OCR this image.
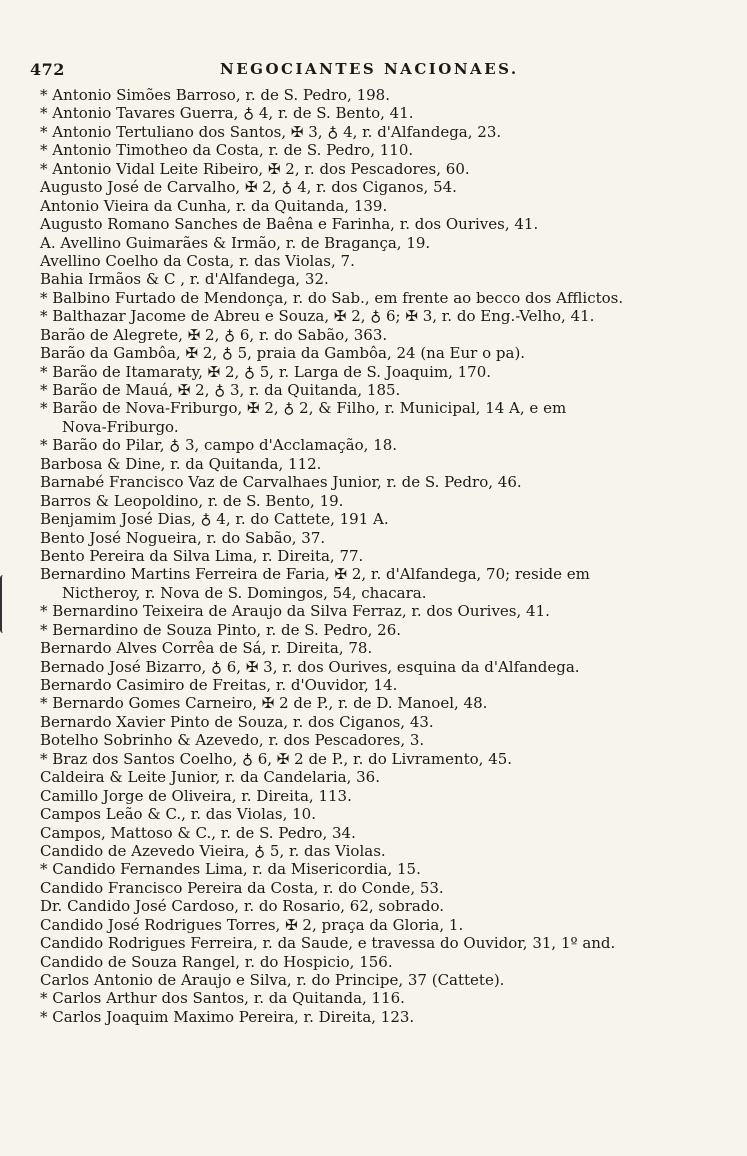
472	NEGOCIANTES NACIONAES.
* Antonio Simões Barroso, r. de S. Pedro, 198.
* Antonio Tavares Guerra, ♁ 4, r. de S. Bento, 41.
* Antonio Tertuliano dos Santos, ✠ 3, ♁ 4, r. d'Alfandega, 23.
* Antonio Timotheo da Costa, r. de S. Pedro, 110.
* Antonio Vidal Leite Ribeiro, ✠ 2, r. dos Pescadores, 60.
Augusto José de Carvalho, ✠ 2, ♁ 4, r. dos Ciganos, 54.
Antonio Vieira da Cunha, r. da Quitanda, 139.
Augusto Romano Sanches de Baêna e Farinha, r. dos Ourives, 41.
A. Avellino Guimarães & Irmão, r. de Bragança, 19.
Avellino Coelho da Costa, r. das Violas, 7.
Bahia Irmãos & C , r. d'Alfandega, 32.
* Balbino Furtado de Mendonça, r. do Sab., em frente ao becco dos Afflictos.
* Balthazar Jacome de Abreu e Souza, ✠ 2, ♁ 6; ✠ 3, r. do Eng.-Velho, 41.
Barão de Alegrete, ✠ 2, ♁ 6, r. do Sabão, 363.
Barão da Gambôa, ✠ 2, ♁ 5, praia da Gambôa, 24 (na Eur o pa).
* Barão de Itamaraty, ✠ 2, ♁ 5, r. Larga de S. Joaquim, 170.
* Barão de Mauá, ✠ 2, ♁ 3, r. da Quitanda, 185.
* Barão de Nova-Friburgo, ✠ 2, ♁ 2, & Filho, r. Municipal, 14 A, e em
Nova-Friburgo.
* Barão do Pilar, ♁ 3, campo d'Acclamação, 18.
Barbosa & Dine, r. da Quitanda, 112.
Barnabé Francisco Vaz de Carvalhaes Junior, r. de S. Pedro, 46.
Barros & Leopoldino, r. de S. Bento, 19.
Benjamim José Dias, ♁ 4, r. do Cattete, 191 A.
Bento José Nogueira, r. do Sabão, 37.
Bento Pereira da Silva Lima, r. Direita, 77.
Bernardino Martins Ferreira de Faria, ✠ 2, r. d'Alfandega, 70; reside em
Nictheroy, r. Nova de S. Domingos, 54, chacara.
* Bernardino Teixeira de Araujo da Silva Ferraz, r. dos Ourives, 41.
* Bernardino de Souza Pinto, r. de S. Pedro, 26.
Bernardo Alves Corrêa de Sá, r. Direita, 78.
Bernado José Bizarro, ♁ 6, ✠ 3, r. dos Ourives, esquina da d'Alfandega.
Bernardo Casimiro de Freitas, r. d'Ouvidor, 14.
* Bernardo Gomes Carneiro, ✠ 2 de P., r. de D. Manoel, 48.
Bernardo Xavier Pinto de Souza, r. dos Ciganos, 43.
Botelho Sobrinho & Azevedo, r. dos Pescadores, 3.
* Braz dos Santos Coelho, ♁ 6, ✠ 2 de P., r. do Livramento, 45.
Caldeira & Leite Junior, r. da Candelaria, 36.
Camillo Jorge de Oliveira, r. Direita, 113.
Campos Leão & C., r. das Violas, 10.
Campos, Mattoso & C., r. de S. Pedro, 34.
Candido de Azevedo Vieira, ♁ 5, r. das Violas.
* Candido Fernandes Lima, r. da Misericordia, 15.
Candido Francisco Pereira da Costa, r. do Conde, 53.
Dr. Candido José Cardoso, r. do Rosario, 62, sobrado.
Candido José Rodrigues Torres, ✠ 2, praça da Gloria, 1.
Candido Rodrigues Ferreira, r. da Saude, e travessa do Ouvidor, 31, 1º and.
Candido de Souza Rangel, r. do Hospicio, 156.
Carlos Antonio de Araujo e Silva, r. do Principe, 37 (Cattete).
* Carlos Arthur dos Santos, r. da Quitanda, 116.
* Carlos Joaquim Maximo Pereira, r. Direita, 123.
